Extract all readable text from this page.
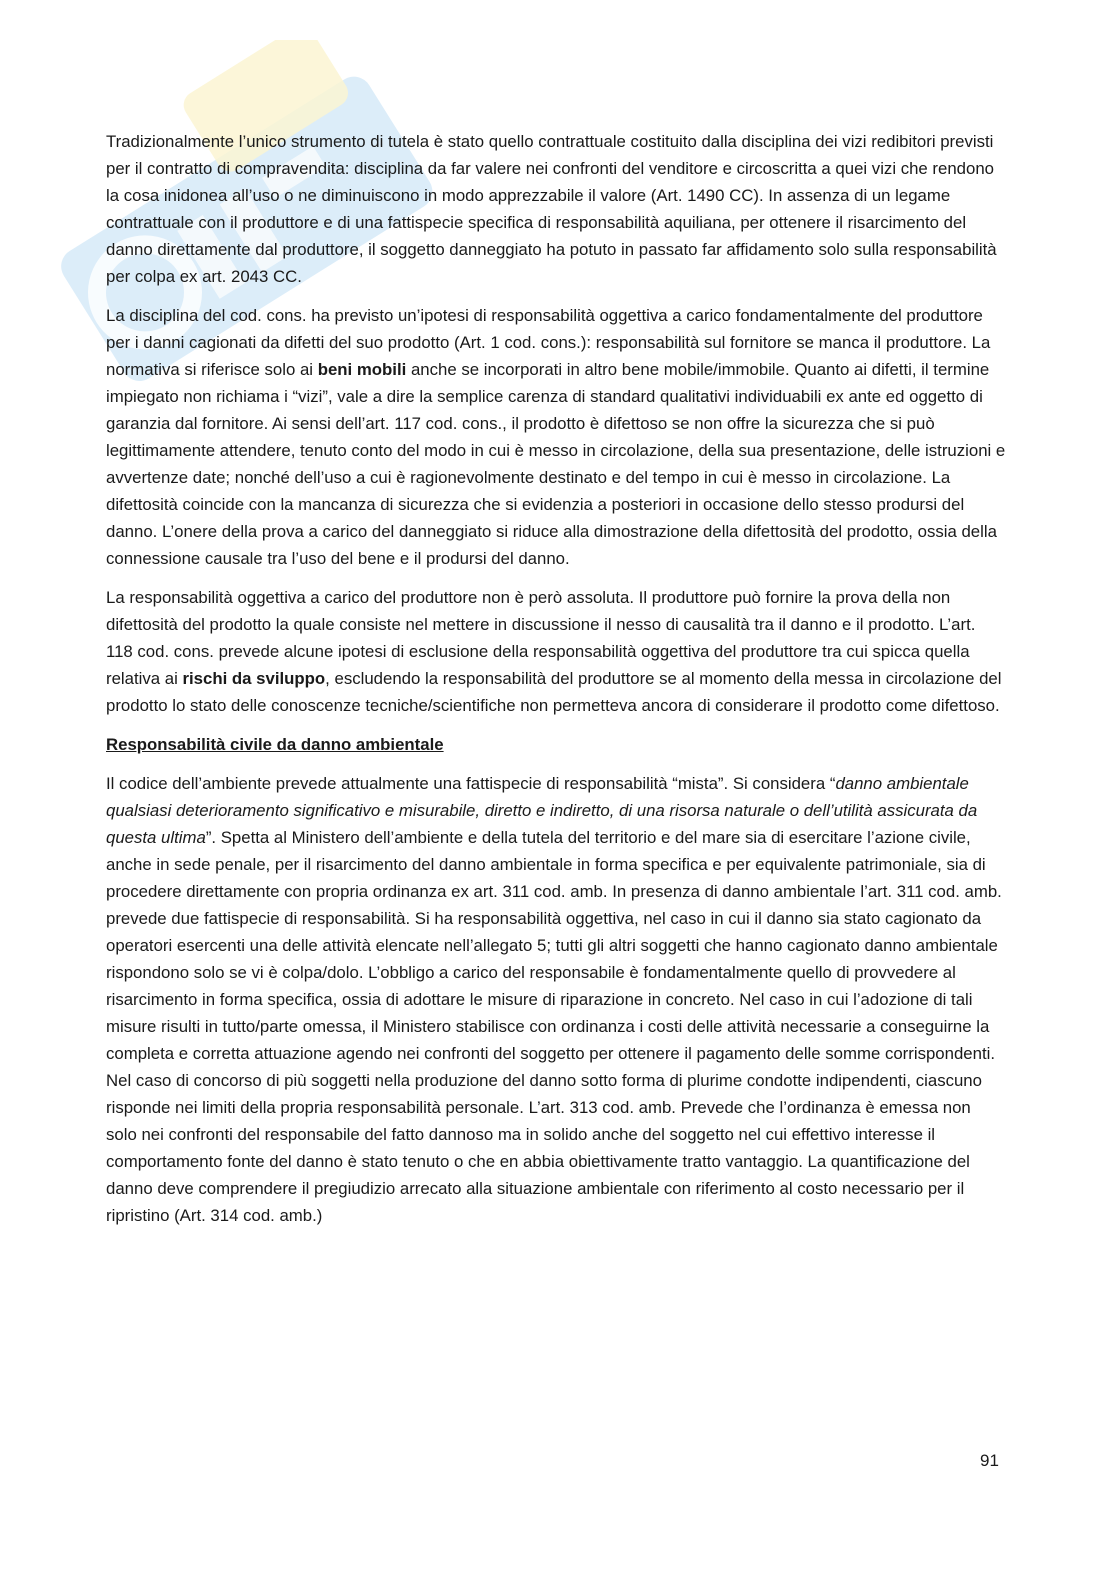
Tradizionalmente l’unico strumento di tutela è stato quello contrattuale costituito dalla disciplina dei vizi redibitori previsti per il contratto di compravendita: disciplina da far valere nei confronti del venditore e circoscritta a quei vizi che rendono la cosa inidonea all’uso o ne diminuiscono in modo apprezzabile il valore (Art. 1490 CC). In assenza di un legame contrattuale con il produttore e di una fattispecie specifica di responsabilità aquiliana, per ottenere il risarcimento del danno direttamente dal produttore, il soggetto danneggiato ha potuto in passato far affidamento solo sulla responsabilità per colpa ex art. 2043 CC.

La disciplina del cod. cons. ha previsto un’ipotesi di responsabilità oggettiva a carico fondamentalmente del produttore per i danni cagionati da difetti del suo prodotto (Art. 1 cod. cons.): responsabilità sul fornitore se manca il produttore. La normativa si riferisce solo ai beni mobili anche se incorporati in altro bene mobile/immobile. Quanto ai difetti, il termine impiegato non richiama i “vizi”, vale a dire la semplice carenza di standard qualitativi individuabili ex ante ed oggetto di garanzia dal fornitore. Ai sensi dell’art. 117 cod. cons., il prodotto è difettoso se non offre la sicurezza che si può legittimamente attendere, tenuto conto del modo in cui è messo in circolazione, della sua presentazione, delle istruzioni e avvertenze date; nonché dell’uso a cui è ragionevolmente destinato e del tempo in cui è messo in circolazione. La difettosità coincide con la mancanza di sicurezza che si evidenzia a posteriori in occasione dello stesso prodursi del danno. L’onere della prova a carico del danneggiato si riduce alla dimostrazione della difettosità del prodotto, ossia della connessione causale tra l’uso del bene e il prodursi del danno.

La responsabilità oggettiva a carico del produttore non è però assoluta. Il produttore può fornire la prova della non difettosità del prodotto la quale consiste nel mettere in discussione il nesso di causalità tra il danno e il prodotto. L’art. 118 cod. cons. prevede alcune ipotesi di esclusione della responsabilità oggettiva del produttore tra cui spicca quella relativa ai rischi da sviluppo, escludendo la responsabilità del produttore se al momento della messa in circolazione del prodotto lo stato delle conoscenze tecniche/scientifiche non permetteva ancora di considerare il prodotto come difettoso.

Responsabilità civile da danno ambientale

Il codice dell’ambiente prevede attualmente una fattispecie di responsabilità “mista”. Si considera “danno ambientale qualsiasi deterioramento significativo e misurabile, diretto e indiretto, di una risorsa naturale o dell’utilità assicurata da questa ultima”. Spetta al Ministero dell’ambiente e della tutela del territorio e del mare sia di esercitare l’azione civile, anche in sede penale, per il risarcimento del danno ambientale in forma specifica e per equivalente patrimoniale, sia di procedere direttamente con propria ordinanza ex art. 311 cod. amb. In presenza di danno ambientale l’art. 311 cod. amb. prevede due fattispecie di responsabilità. Si ha responsabilità oggettiva, nel caso in cui il danno sia stato cagionato da operatori esercenti una delle attività elencate nell’allegato 5; tutti gli altri soggetti che hanno cagionato danno ambientale rispondono solo se vi è colpa/dolo. L’obbligo a carico del responsabile è fondamentalmente quello di provvedere al risarcimento in forma specifica, ossia di adottare le misure di riparazione in concreto. Nel caso in cui l’adozione di tali misure risulti in tutto/parte omessa, il Ministero stabilisce con ordinanza i costi delle attività necessarie a conseguirne la completa e corretta attuazione agendo nei confronti del soggetto per ottenere il pagamento delle somme corrispondenti. Nel caso di concorso di più soggetti nella produzione del danno sotto forma di plurime condotte indipendenti, ciascuno risponde nei limiti della propria responsabilità personale. L’art. 313 cod. amb. Prevede che l’ordinanza è emessa non solo nei confronti del responsabile del fatto dannoso ma in solido anche del soggetto nel cui effettivo interesse il comportamento fonte del danno è stato tenuto o che en abbia obiettivamente tratto vantaggio. La quantificazione del danno deve comprendere il pregiudizio arrecato alla situazione ambientale con riferimento al costo necessario per il ripristino (Art. 314 cod. amb.)

91
